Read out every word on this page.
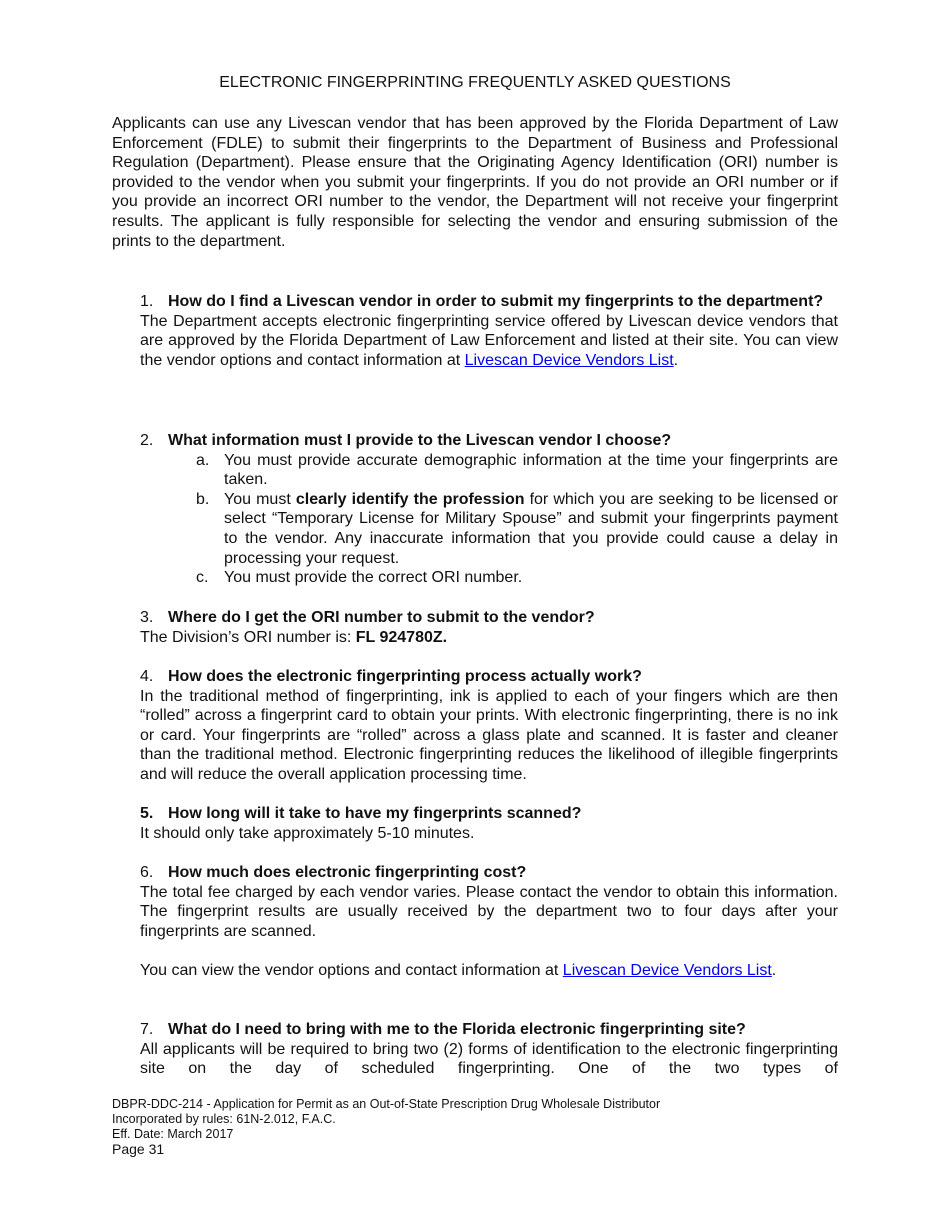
ELECTRONIC FINGERPRINTING FREQUENTLY ASKED QUESTIONS

Applicants can use any Livescan vendor that has been approved by the Florida Department of Law Enforcement (FDLE) to submit their fingerprints to the Department of Business and Professional Regulation (Department). Please ensure that the Originating Agency Identification (ORI) number is provided to the vendor when you submit your fingerprints. If you do not provide an ORI number or if you provide an incorrect ORI number to the vendor, the Department will not receive your fingerprint results. The applicant is fully responsible for selecting the vendor and ensuring submission of the prints to the department.

1. How do I find a Livescan vendor in order to submit my fingerprints to the department?

The Department accepts electronic fingerprinting service offered by Livescan device vendors that are approved by the Florida Department of Law Enforcement and listed at their site. You can view the vendor options and contact information at Livescan Device Vendors List.

2. What information must I provide to the Livescan vendor I choose?
a. You must provide accurate demographic information at the time your fingerprints are taken.
b. You must clearly identify the profession for which you are seeking to be licensed or select “Temporary License for Military Spouse” and submit your fingerprints payment to the vendor. Any inaccurate information that you provide could cause a delay in processing your request.
c. You must provide the correct ORI number.
3. Where do I get the ORI number to submit to the vendor?

The Division’s ORI number is: FL 924780Z.

4. How does the electronic fingerprinting process actually work?

In the traditional method of fingerprinting, ink is applied to each of your fingers which are then “rolled” across a fingerprint card to obtain your prints. With electronic fingerprinting, there is no ink or card. Your fingerprints are “rolled” across a glass plate and scanned. It is faster and cleaner than the traditional method. Electronic fingerprinting reduces the likelihood of illegible fingerprints and will reduce the overall application processing time.

5. How long will it take to have my fingerprints scanned?

It should only take approximately 5-10 minutes.

6. How much does electronic fingerprinting cost?

The total fee charged by each vendor varies. Please contact the vendor to obtain this information. The fingerprint results are usually received by the department two to four days after your fingerprints are scanned.

You can view the vendor options and contact information at Livescan Device Vendors List.

7. What do I need to bring with me to the Florida electronic fingerprinting site?

All applicants will be required to bring two (2) forms of identification to the electronic fingerprinting site on the day of scheduled fingerprinting. One of the two types of

DBPR-DDC-214 - Application for Permit as an Out-of-State Prescription Drug Wholesale Distributor
Incorporated by rules: 61N-2.012, F.A.C.
Eff. Date: March 2017
Page 31
